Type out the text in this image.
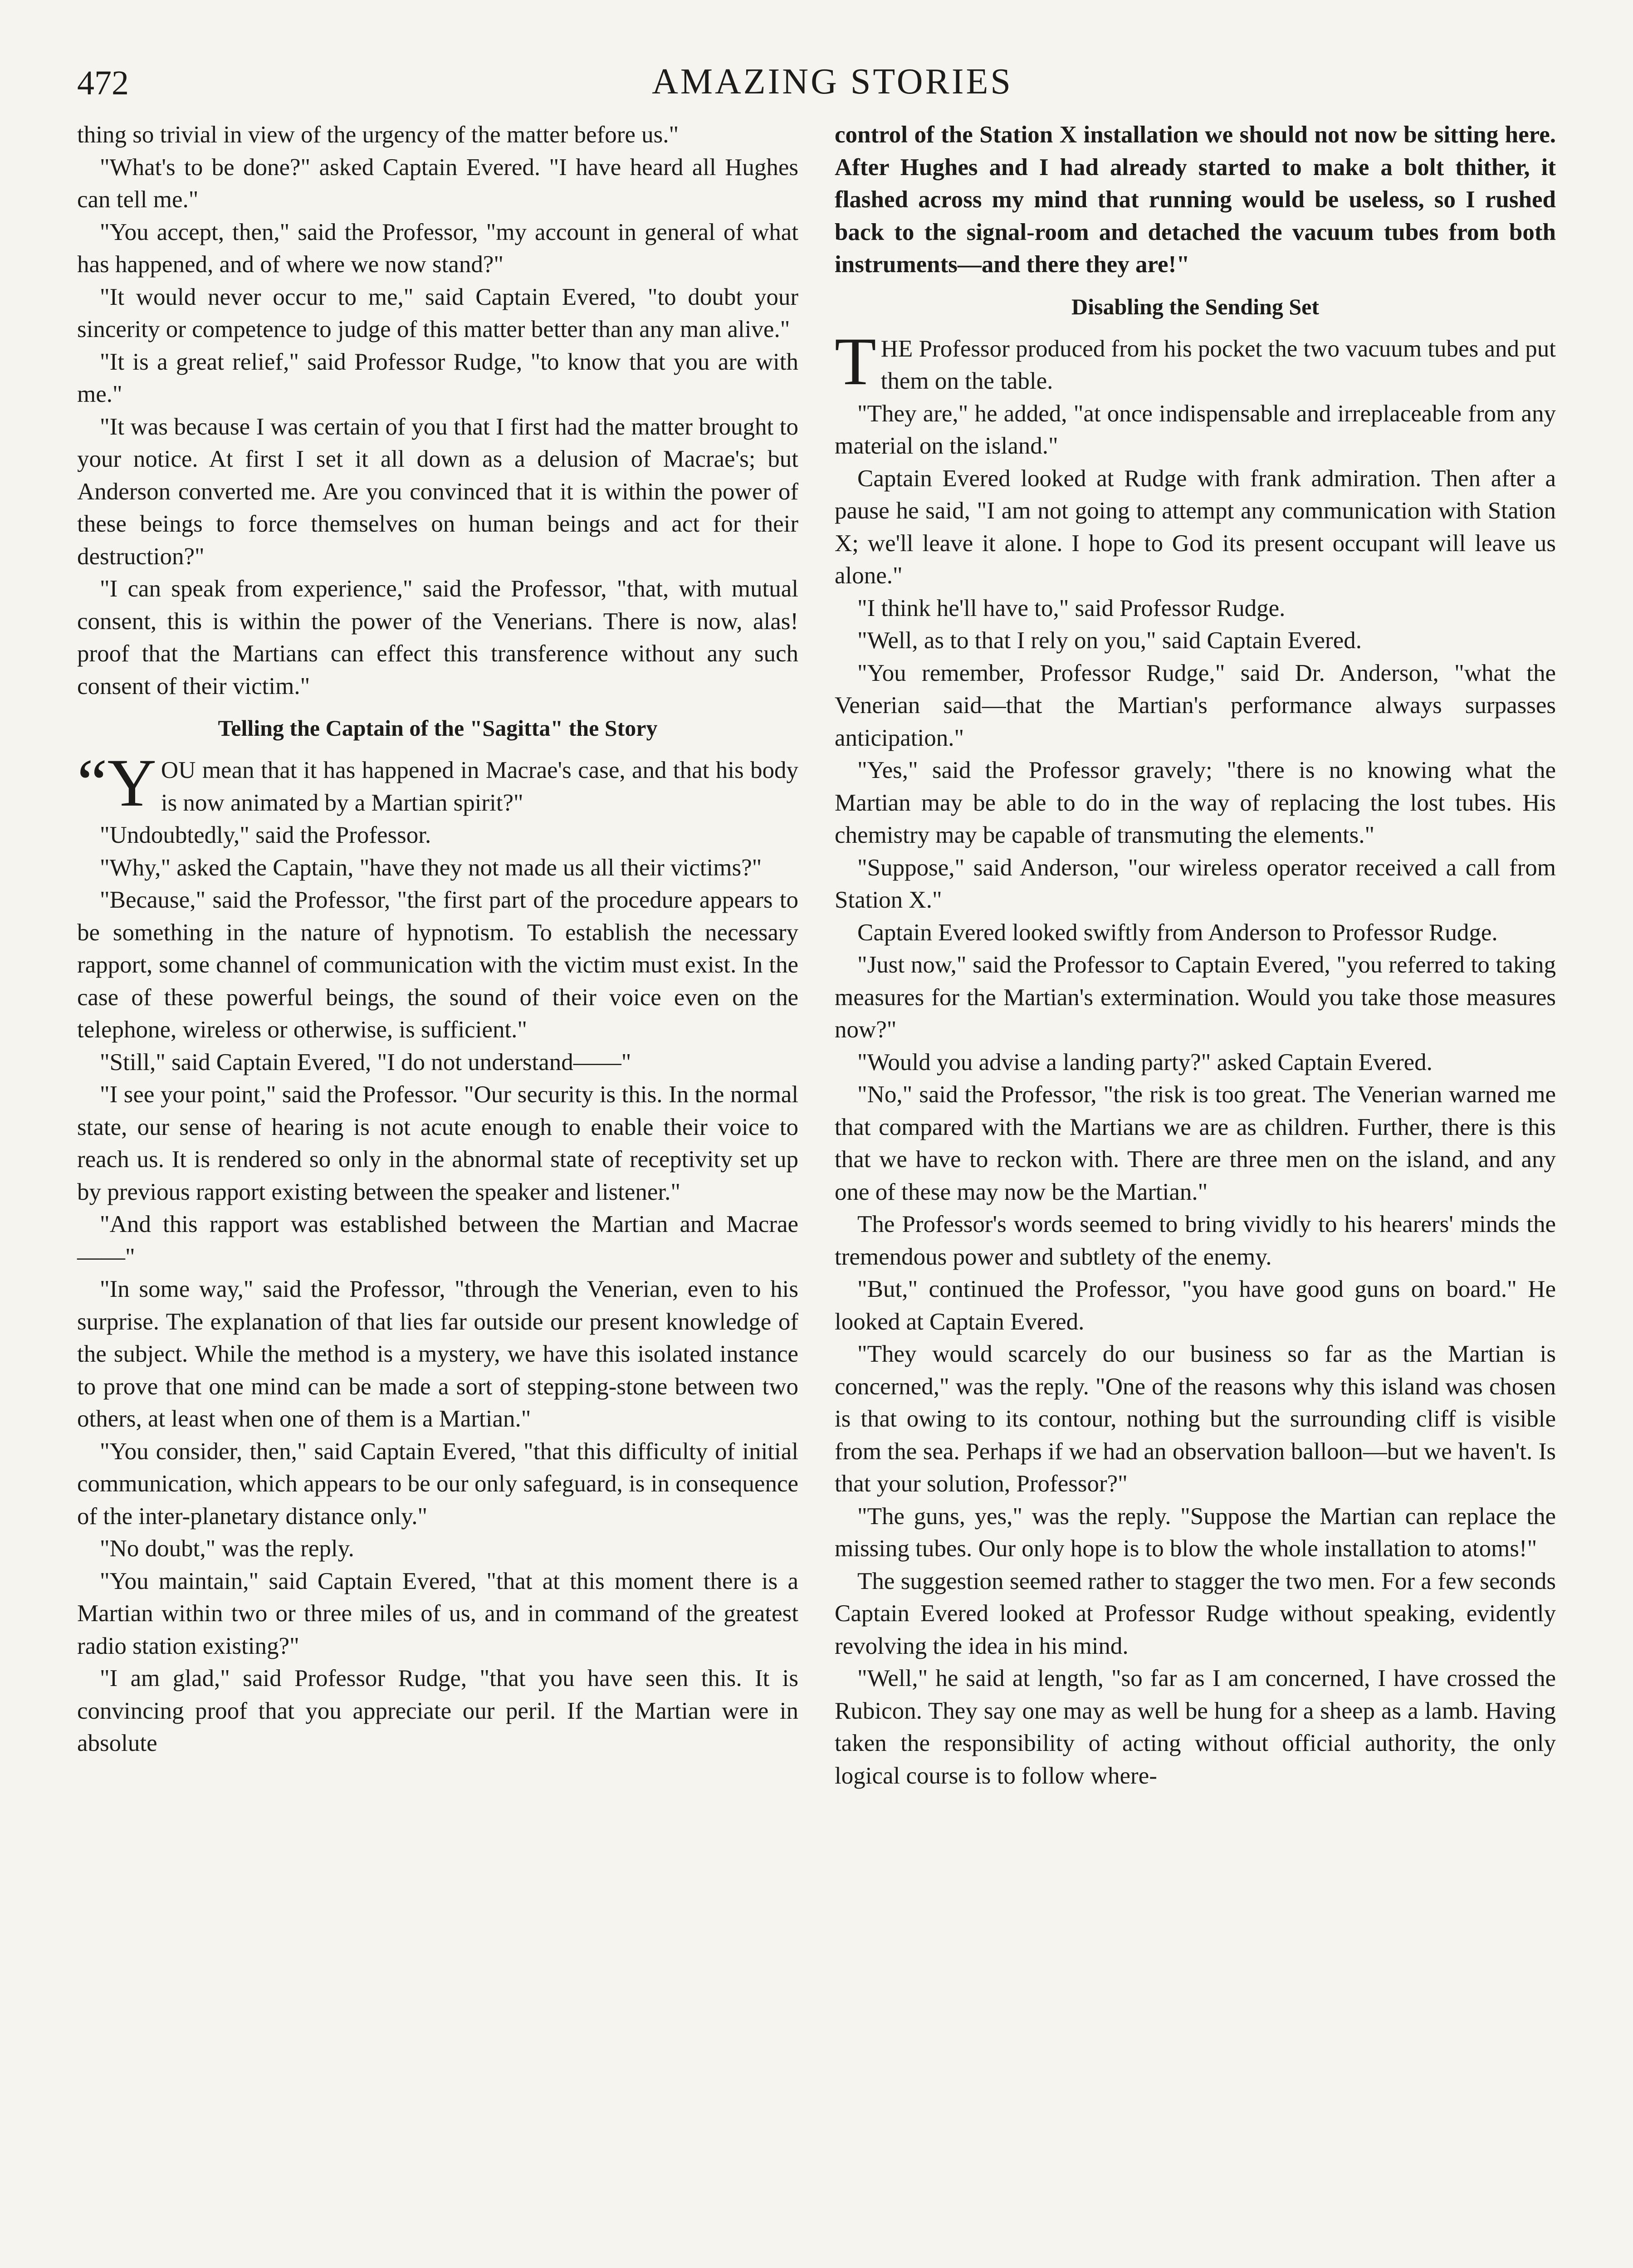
472	AMAZING STORIES

thing so trivial in view of the urgency of the matter before us."

"What's to be done?" asked Captain Evered. "I have heard all Hughes can tell me."

"You accept, then," said the Professor, "my account in general of what has happened, and of where we now stand?"

"It would never occur to me," said Captain Evered, "to doubt your sincerity or competence to judge of this matter better than any man alive."

"It is a great relief," said Professor Rudge, "to know that you are with me."

"It was because I was certain of you that I first had the matter brought to your notice. At first I set it all down as a delusion of Macrae's; but Anderson converted me. Are you convinced that it is within the power of these beings to force themselves on human beings and act for their destruction?"

"I can speak from experience," said the Professor, "that, with mutual consent, this is within the power of the Venerians. There is now, alas! proof that the Martians can effect this transference without any such consent of their victim."

Telling the Captain of the "Sagitta" the Story

“Y OU mean that it has happened in Macrae's case, and that his body is now animated by a Martian spirit?"

"Undoubtedly," said the Professor.

"Why," asked the Captain, "have they not made us all their victims?"

"Because," said the Professor, "the first part of the procedure appears to be something in the nature of hypnotism. To establish the necessary rapport, some channel of communication with the victim must exist. In the case of these powerful beings, the sound of their voice even on the telephone, wireless or otherwise, is sufficient."

"Still," said Captain Evered, "I do not understand——"

"I see your point," said the Professor. "Our security is this. In the normal state, our sense of hearing is not acute enough to enable their voice to reach us. It is rendered so only in the abnormal state of receptivity set up by previous rapport existing between the speaker and listener."

"And this rapport was established between the Martian and Macrae——"

"In some way," said the Professor, "through the Venerian, even to his surprise. The explanation of that lies far outside our present knowledge of the subject. While the method is a mystery, we have this isolated instance to prove that one mind can be made a sort of stepping-stone between two others, at least when one of them is a Martian."

"You consider, then," said Captain Evered, "that this difficulty of initial communication, which appears to be our only safeguard, is in consequence of the inter-planetary distance only."

"No doubt," was the reply.

"You maintain," said Captain Evered, "that at this moment there is a Martian within two or three miles of us, and in command of the greatest radio station existing?"

"I am glad," said Professor Rudge, "that you have seen this. It is convincing proof that you appreciate our peril. If the Martian were in absolute

control of the Station X installation we should not now be sitting here. After Hughes and I had already started to make a bolt thither, it flashed across my mind that running would be useless, so I rushed back to the signal-room and detached the vacuum tubes from both instruments—and there they are!"

Disabling the Sending Set

THE Professor produced from his pocket the two vacuum tubes and put them on the table.

"They are," he added, "at once indispensable and irreplaceable from any material on the island."

Captain Evered looked at Rudge with frank admiration. Then after a pause he said, "I am not going to attempt any communication with Station X; we'll leave it alone. I hope to God its present occupant will leave us alone."

"I think he'll have to," said Professor Rudge.

"Well, as to that I rely on you," said Captain Evered.

"You remember, Professor Rudge," said Dr. Anderson, "what the Venerian said—that the Martian's performance always surpasses anticipation."

"Yes," said the Professor gravely; "there is no knowing what the Martian may be able to do in the way of replacing the lost tubes. His chemistry may be capable of transmuting the elements."

"Suppose," said Anderson, "our wireless operator received a call from Station X."

Captain Evered looked swiftly from Anderson to Professor Rudge.

"Just now," said the Professor to Captain Evered, "you referred to taking measures for the Martian's extermination. Would you take those measures now?"

"Would you advise a landing party?" asked Captain Evered.

"No," said the Professor, "the risk is too great. The Venerian warned me that compared with the Martians we are as children. Further, there is this that we have to reckon with. There are three men on the island, and any one of these may now be the Martian."

The Professor's words seemed to bring vividly to his hearers' minds the tremendous power and subtlety of the enemy.

"But," continued the Professor, "you have good guns on board." He looked at Captain Evered.

"They would scarcely do our business so far as the Martian is concerned," was the reply. "One of the reasons why this island was chosen is that owing to its contour, nothing but the surrounding cliff is visible from the sea. Perhaps if we had an observation balloon—but we haven't. Is that your solution, Professor?"

"The guns, yes," was the reply. "Suppose the Martian can replace the missing tubes. Our only hope is to blow the whole installation to atoms!"

The suggestion seemed rather to stagger the two men. For a few seconds Captain Evered looked at Professor Rudge without speaking, evidently revolving the idea in his mind.

"Well," he said at length, "so far as I am concerned, I have crossed the Rubicon. They say one may as well be hung for a sheep as a lamb. Having taken the responsibility of acting without official authority, the only logical course is to follow where-
